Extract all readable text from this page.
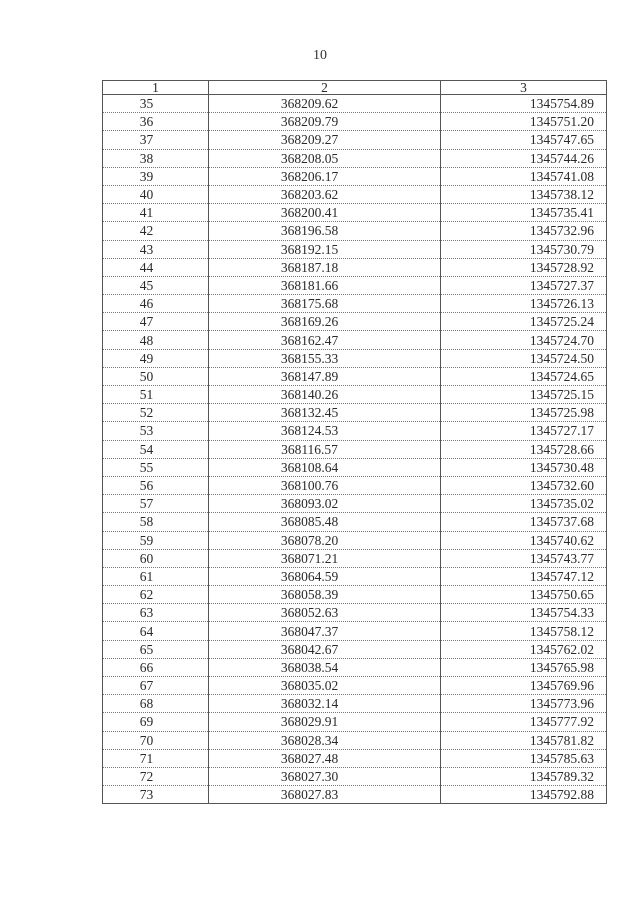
10
1	2	3
35	368209.62	1345754.89
36	368209.79	1345751.20
37	368209.27	1345747.65
38	368208.05	1345744.26
39	368206.17	1345741.08
40	368203.62	1345738.12
41	368200.41	1345735.41
42	368196.58	1345732.96
43	368192.15	1345730.79
44	368187.18	1345728.92
45	368181.66	1345727.37
46	368175.68	1345726.13
47	368169.26	1345725.24
48	368162.47	1345724.70
49	368155.33	1345724.50
50	368147.89	1345724.65
51	368140.26	1345725.15
52	368132.45	1345725.98
53	368124.53	1345727.17
54	368116.57	1345728.66
55	368108.64	1345730.48
56	368100.76	1345732.60
57	368093.02	1345735.02
58	368085.48	1345737.68
59	368078.20	1345740.62
60	368071.21	1345743.77
61	368064.59	1345747.12
62	368058.39	1345750.65
63	368052.63	1345754.33
64	368047.37	1345758.12
65	368042.67	1345762.02
66	368038.54	1345765.98
67	368035.02	1345769.96
68	368032.14	1345773.96
69	368029.91	1345777.92
70	368028.34	1345781.82
71	368027.48	1345785.63
72	368027.30	1345789.32
73	368027.83	1345792.88
